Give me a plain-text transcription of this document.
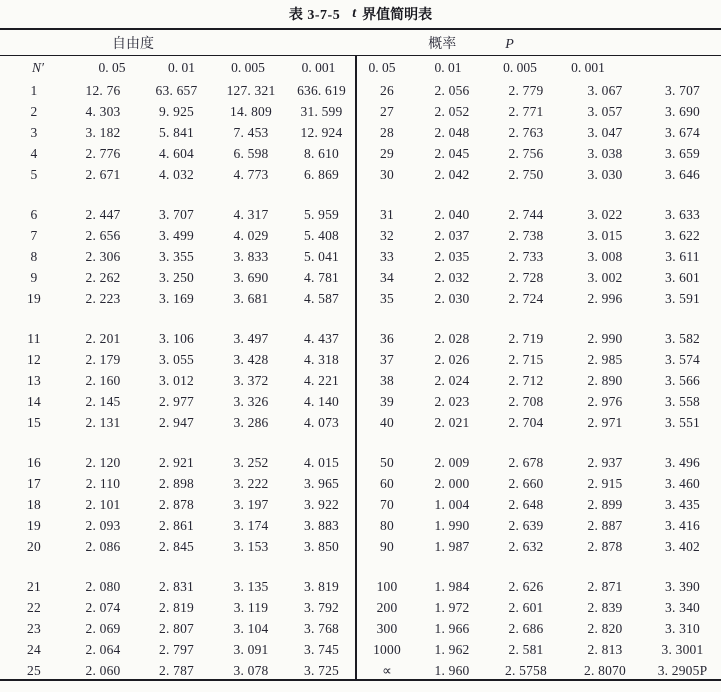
表 3-7-5 t 界值简明表
自由度	概率	P
N′	0. 05	0. 01	0. 005	0. 001	0. 05	0. 01	0. 005	0. 001
1	12. 76	63. 657	127. 321	636. 619	26	2. 056	2. 779	3. 067	3. 707
2	4. 303	9. 925	14. 809	31. 599	27	2. 052	2. 771	3. 057	3. 690
3	3. 182	5. 841	7. 453	12. 924	28	2. 048	2. 763	3. 047	3. 674
4	2. 776	4. 604	6. 598	8. 610	29	2. 045	2. 756	3. 038	3. 659
5	2. 671	4. 032	4. 773	6. 869	30	2. 042	2. 750	3. 030	3. 646
6	2. 447	3. 707	4. 317	5. 959	31	2. 040	2. 744	3. 022	3. 633
7	2. 656	3. 499	4. 029	5. 408	32	2. 037	2. 738	3. 015	3. 622
8	2. 306	3. 355	3. 833	5. 041	33	2. 035	2. 733	3. 008	3. 611
9	2. 262	3. 250	3. 690	4. 781	34	2. 032	2. 728	3. 002	3. 601
19	2. 223	3. 169	3. 681	4. 587	35	2. 030	2. 724	2. 996	3. 591
11	2. 201	3. 106	3. 497	4. 437	36	2. 028	2. 719	2. 990	3. 582
12	2. 179	3. 055	3. 428	4. 318	37	2. 026	2. 715	2. 985	3. 574
13	2. 160	3. 012	3. 372	4. 221	38	2. 024	2. 712	2. 890	3. 566
14	2. 145	2. 977	3. 326	4. 140	39	2. 023	2. 708	2. 976	3. 558
15	2. 131	2. 947	3. 286	4. 073	40	2. 021	2. 704	2. 971	3. 551
16	2. 120	2. 921	3. 252	4. 015	50	2. 009	2. 678	2. 937	3. 496
17	2. 110	2. 898	3. 222	3. 965	60	2. 000	2. 660	2. 915	3. 460
18	2. 101	2. 878	3. 197	3. 922	70	1. 004	2. 648	2. 899	3. 435
19	2. 093	2. 861	3. 174	3. 883	80	1. 990	2. 639	2. 887	3. 416
20	2. 086	2. 845	3. 153	3. 850	90	1. 987	2. 632	2. 878	3. 402
21	2. 080	2. 831	3. 135	3. 819	100	1. 984	2. 626	2. 871	3. 390
22	2. 074	2. 819	3. 119	3. 792	200	1. 972	2. 601	2. 839	3. 340
23	2. 069	2. 807	3. 104	3. 768	300	1. 966	2. 686	2. 820	3. 310
24	2. 064	2. 797	3. 091	3. 745	1000	1. 962	2. 581	2. 813	3. 3001
25	2. 060	2. 787	3. 078	3. 725	∝	1. 960	2. 5758	2. 8070	3. 2905P
